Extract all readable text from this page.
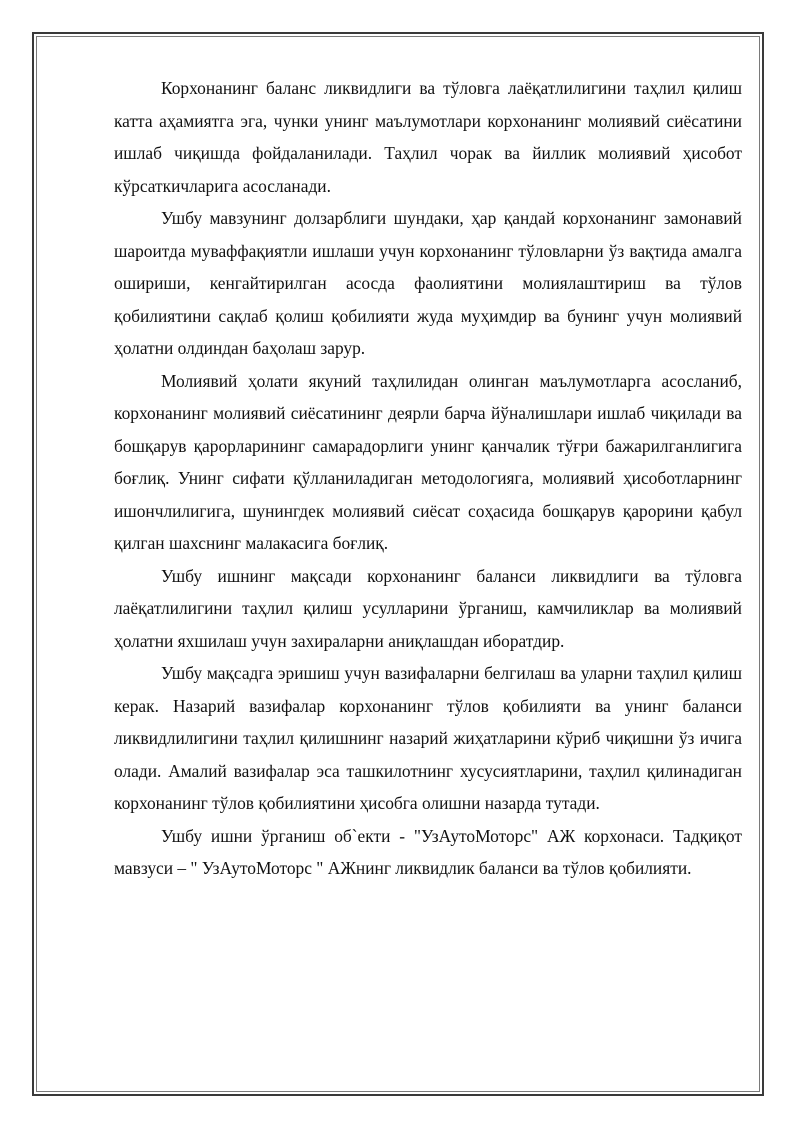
Корхонанинг баланс ликвидлиги ва тўловга лаёқатлилигини таҳлил қилиш катта аҳамиятга эга, чунки унинг маълумотлари корхонанинг молиявий сиёсатини ишлаб чиқишда фойдаланилади. Таҳлил чорак ва йиллик молиявий ҳисобот кўрсаткичларига асосланади.

Ушбу мавзунинг долзарблиги шундаки, ҳар қандай корхонанинг замонавий шароитда муваффақиятли ишлаши учун корхонанинг тўловларни ўз вақтида амалга ошириши, кенгайтирилган асосда фаолиятини молиялаштириш ва тўлов қобилиятини сақлаб қолиш қобилияти жуда муҳимдир ва бунинг учун молиявий ҳолатни олдиндан баҳолаш зарур.

Молиявий ҳолати якуний таҳлилидан олинган маълумотларга асосланиб, корхонанинг молиявий сиёсатининг деярли барча йўналишлари ишлаб чиқилади ва бошқарув қарорларининг самарадорлиги унинг қанчалик тўғри бажарилганлигига боғлиқ. Унинг сифати қўлланиладиган методологияга, молиявий ҳисоботларнинг ишончлилигига, шунингдек молиявий сиёсат соҳасида бошқарув қарорини қабул қилган шахснинг малакасига боғлиқ.

Ушбу ишнинг мақсади корхонанинг баланси ликвидлиги ва тўловга лаёқатлилигини таҳлил қилиш усулларини ўрганиш, камчиликлар ва молиявий ҳолатни яхшилаш учун захираларни аниқлашдан иборатдир.

Ушбу мақсадга эришиш учун вазифаларни белгилаш ва уларни таҳлил қилиш керак. Назарий вазифалар корхонанинг тўлов қобилияти ва унинг баланси ликвидлилигини таҳлил қилишнинг назарий жиҳатларини кўриб чиқишни ўз ичига олади. Амалий вазифалар эса ташкилотнинг хусусиятларини, таҳлил қилинадиган корхонанинг тўлов қобилиятини ҳисобга олишни назарда тутади.

Ушбу ишни ўрганиш об`екти - "УзАутоМоторс" АЖ корхонаси. Тадқиқот мавзуси – " УзАутоМоторс " АЖнинг ликвидлик баланси ва тўлов қобилияти.
